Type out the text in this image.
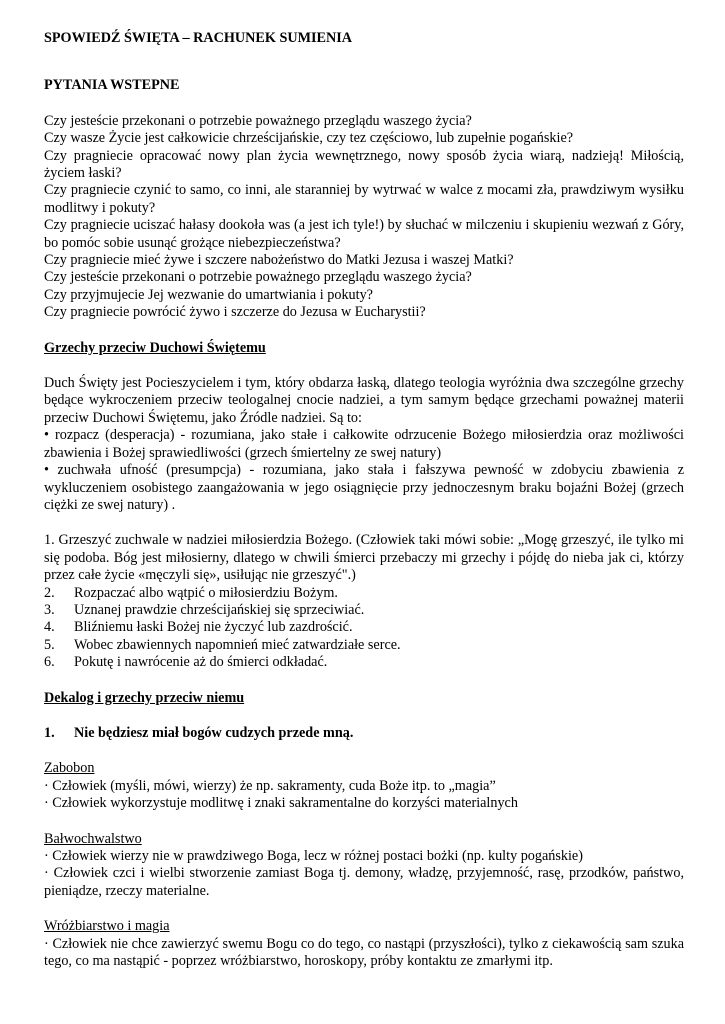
SPOWIEDŹ ŚWIĘTA – RACHUNEK SUMIENIA

PYTANIA WSTEPNE

Czy jesteście przekonani o potrzebie poważnego przeglądu waszego życia?

Czy wasze Życie jest całkowicie chrześcijańskie, czy tez częściowo, lub zupełnie pogańskie?

Czy pragniecie opracować nowy plan życia wewnętrznego, nowy sposób życia wiarą, nadzieją! Miłością, życiem łaski?

Czy pragniecie czynić to samo, co inni, ale staranniej by wytrwać w walce z mocami zła, prawdziwym wysiłku modlitwy i pokuty?

Czy pragniecie uciszać hałasy dookoła was (a jest ich tyle!) by słuchać w milczeniu i skupieniu wezwań z Góry, bo pomóc sobie usunąć grożące niebezpieczeństwa?

Czy pragniecie mieć żywe i szczere nabożeństwo do Matki Jezusa i waszej Matki?

Czy jesteście przekonani o potrzebie poważnego przeglądu waszego życia?

Czy przyjmujecie Jej wezwanie do umartwiania i pokuty?

Czy pragniecie powrócić żywo i szczerze do Jezusa w Eucharystii?

Grzechy przeciw Duchowi Świętemu

Duch Święty jest Pocieszycielem i tym, który obdarza łaską, dlatego teologia wyróżnia dwa szczególne grzechy będące wykroczeniem przeciw teologalnej cnocie nadziei, a tym samym będące grzechami poważnej materii przeciw Duchowi Świętemu, jako Źródle nadziei. Są to:

• rozpacz (desperacja) - rozumiana, jako stałe i całkowite odrzucenie Bożego miłosierdzia oraz możliwości zbawienia i Bożej sprawiedliwości (grzech śmiertelny ze swej natury)

• zuchwała ufność (presumpcja) - rozumiana, jako stała i fałszywa pewność w zdobyciu zbawienia z wykluczeniem osobistego zaangażowania w jego osiągnięcie przy jednoczesnym braku bojaźni Bożej (grzech ciężki ze swej natury) .

1. Grzeszyć zuchwale w nadziei miłosierdzia Bożego. (Człowiek taki mówi sobie: „Mogę grzeszyć, ile tylko mi się podoba. Bóg jest miłosierny, dlatego w chwili śmierci przebaczy mi grzechy i pójdę do nieba jak ci, którzy przez całe życie «męczyli się», usiłując nie grzeszyć".)

2.	Rozpaczać albo wątpić o miłosierdziu Bożym.
3.	Uznanej prawdzie chrześcijańskiej się sprzeciwiać.
4.	Bliźniemu łaski Bożej nie życzyć lub zazdrościć.
5.	Wobec zbawiennych napomnień mieć zatwardziałe serce.
6.	Pokutę i nawrócenie aż do śmierci odkładać.

Dekalog i grzechy przeciw niemu

1.	Nie będziesz miał bogów cudzych przede mną.

Zabobon

· Człowiek (myśli, mówi, wierzy) że np. sakramenty, cuda Boże itp. to „magia”

· Człowiek wykorzystuje modlitwę i znaki sakramentalne do korzyści materialnych

Bałwochwalstwo

· Człowiek wierzy nie w prawdziwego Boga, lecz w różnej postaci bożki (np. kulty pogańskie)

· Człowiek czci i wielbi stworzenie zamiast Boga tj. demony, władzę, przyjemność, rasę, przodków, państwo, pieniądze, rzeczy materialne.

Wróżbiarstwo i magia

· Człowiek nie chce zawierzyć swemu Bogu co do tego, co nastąpi (przyszłości), tylko z ciekawością sam szuka tego, co ma nastąpić - poprzez wróżbiarstwo, horoskopy, próby kontaktu ze zmarłymi itp.
